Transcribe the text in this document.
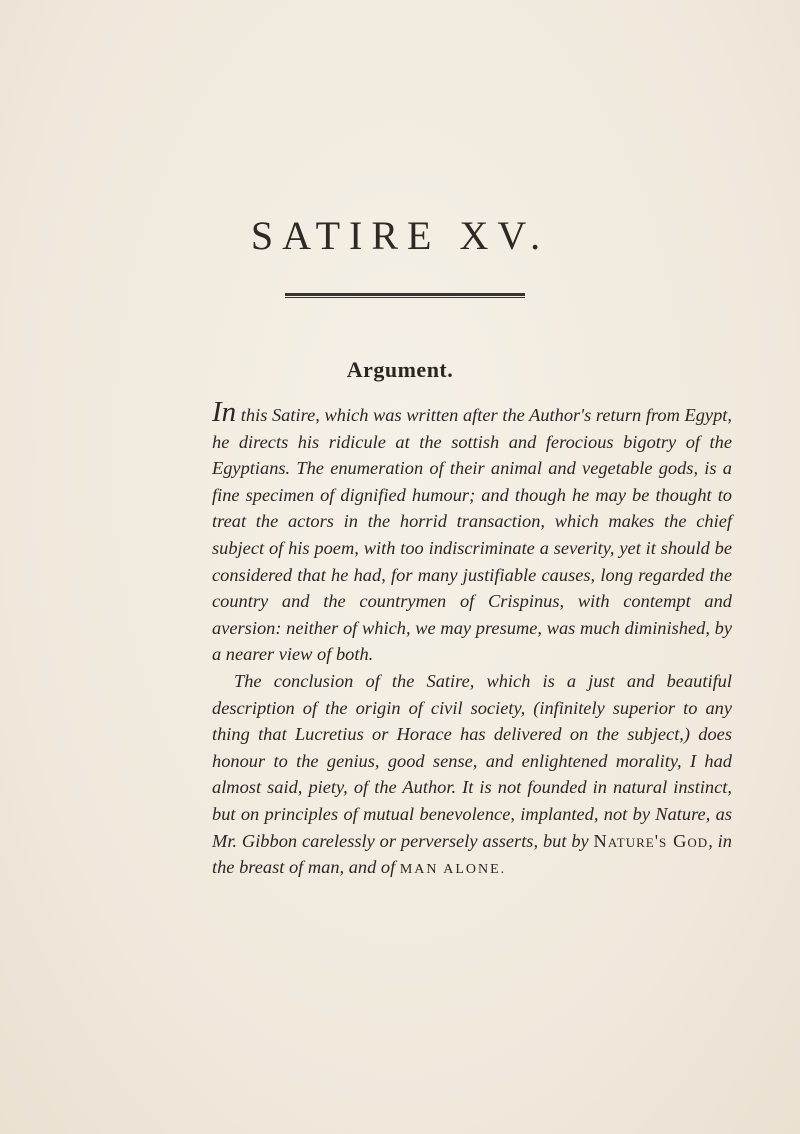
SATIRE XV.
Argument.

In this Satire, which was written after the Author's return from Egypt, he directs his ridicule at the sottish and ferocious bigotry of the Egyptians. The enumeration of their animal and vegetable gods, is a fine specimen of dignified humour; and though he may be thought to treat the actors in the horrid transaction, which makes the chief subject of his poem, with too indiscriminate a severity, yet it should be considered that he had, for many justifiable causes, long regarded the country and the countrymen of Crispinus, with contempt and aversion: neither of which, we may presume, was much diminished, by a nearer view of both.

The conclusion of the Satire, which is a just and beautiful description of the origin of civil society, (infinitely superior to any thing that Lucretius or Horace has delivered on the subject,) does honour to the genius, good sense, and enlightened morality, I had almost said, piety, of the Author. It is not founded in natural instinct, but on principles of mutual benevolence, implanted, not by Nature, as Mr. Gibbon carelessly or perversely asserts, but by Nature's God, in the breast of man, and of MAN ALONE.
